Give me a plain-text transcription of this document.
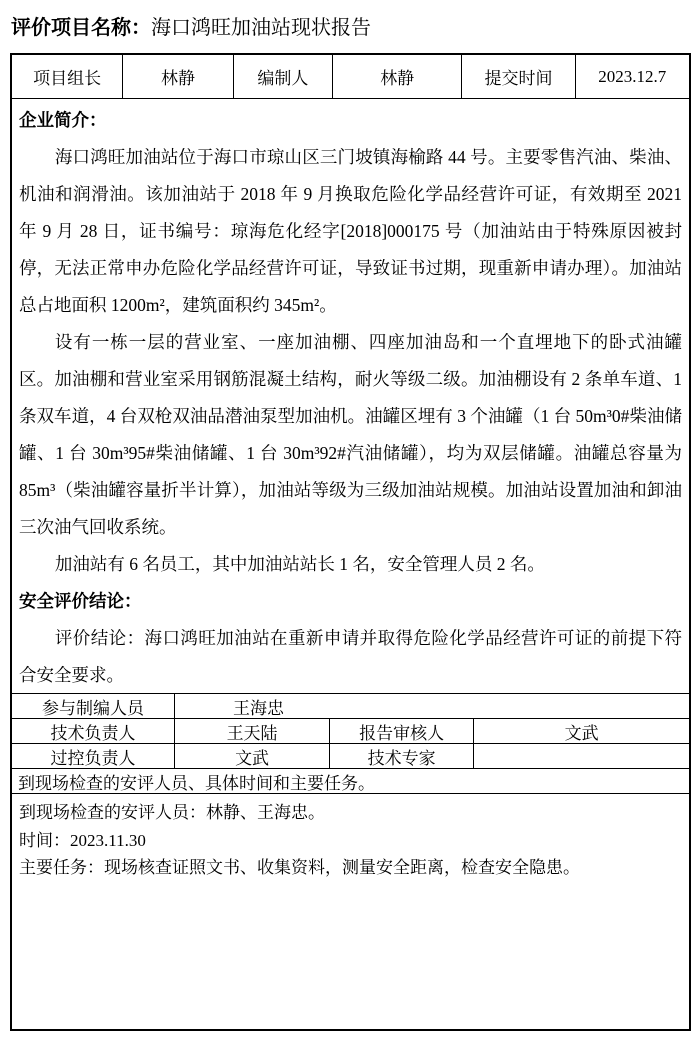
评价项目名称：海口鸿旺加油站现状报告
项目组长	林静	编制人	林静	提交时间	2023.12.7
企业简介：

海口鸿旺加油站位于海口市琼山区三门坡镇海榆路 44 号。主要零售汽油、柴油、机油和润滑油。该加油站于 2018 年 9 月换取危险化学品经营许可证，有效期至 2021 年 9 月 28 日，证书编号：琼海危化经字[2018]000175 号（加油站由于特殊原因被封停，无法正常申办危险化学品经营许可证，导致证书过期，现重新申请办理）。加油站总占地面积 1200m²，建筑面积约 345m²。

设有一栋一层的营业室、一座加油棚、四座加油岛和一个直埋地下的卧式油罐区。加油棚和营业室采用钢筋混凝土结构，耐火等级二级。加油棚设有 2 条单车道、1 条双车道，4 台双枪双油品潜油泵型加油机。油罐区埋有 3 个油罐（1 台 50m³0#柴油储罐、1 台 30m³95#柴油储罐、1 台 30m³92#汽油储罐），均为双层储罐。油罐总容量为 85m³（柴油罐容量折半计算），加油站等级为三级加油站规模。加油站设置加油和卸油三次油气回收系统。

加油站有 6 名员工，其中加油站站长 1 名，安全管理人员 2 名。

安全评价结论：

评价结论：海口鸿旺加油站在重新申请并取得危险化学品经营许可证的前提下符合安全要求。

参与制编人员	王海忠
技术负责人	王天陆	报告审核人	文武
过控负责人	文武	技术专家
到现场检查的安评人员、具体时间和主要任务。
到现场检查的安评人员：林静、王海忠。
时间：2023.11.30
主要任务：现场核查证照文书、收集资料，测量安全距离，检查安全隐患。
